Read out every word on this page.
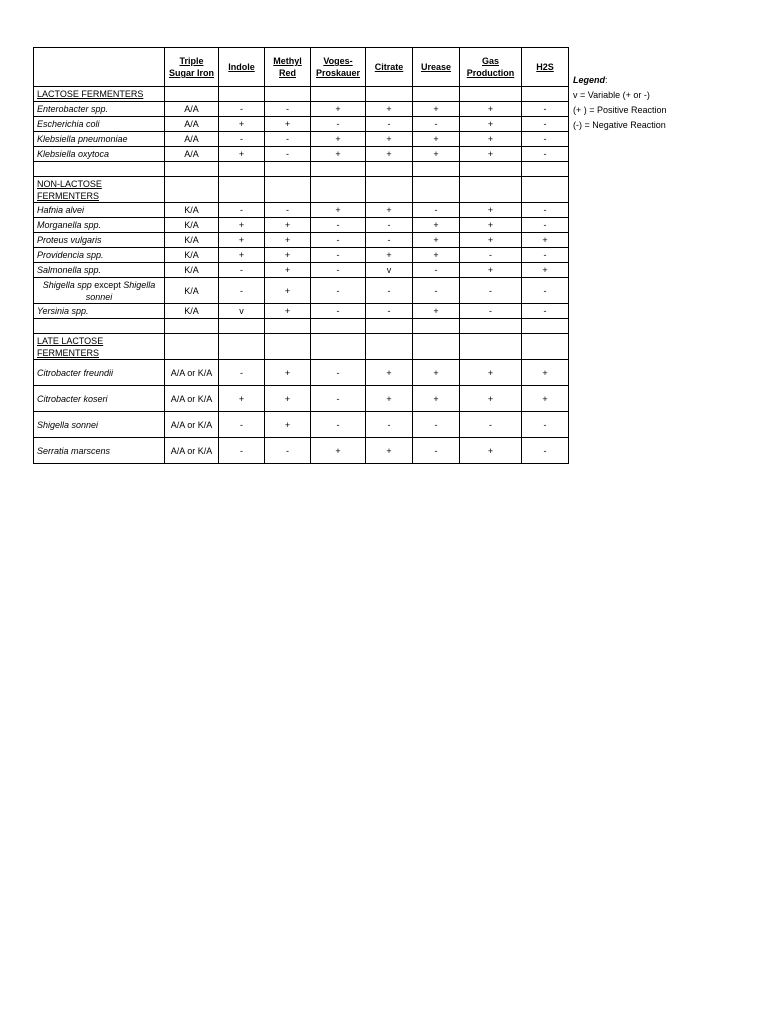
	Triple Sugar Iron	Indole	Methyl Red	Voges-Proskauer	Citrate	Urease	Gas Production	H2S
LACTOSE FERMENTERS								
Enterobacter spp.	A/A	-	-	+	+	+	+	-
Escherichia coli	A/A	+	+	-	-	-	+	-
Klebsiella pneumoniae	A/A	-	-	+	+	+	+	-
Klebsiella oxytoca	A/A	+	-	+	+	+	+	-

NON-LACTOSE FERMENTERS								
Hafnia alvei	K/A	-	-	+	+	-	+	-
Morganella spp.	K/A	+	+	-	-	+	+	-
Proteus vulgaris	K/A	+	+	-	-	+	+	+
Providencia spp.	K/A	+	+	-	+	+	-	-
Salmonella spp.	K/A	-	+	-	v	-	+	+
Shigella spp except Shigella sonnei	K/A	-	+	-	-	-	-	-
Yersinia spp.	K/A	v	+	-	-	+	-	-

LATE LACTOSE FERMENTERS								
Citrobacter freundii	A/A or K/A	-	+	-	+	+	+	+
Citrobacter koseri	A/A or K/A	+	+	-	+	+	+	+
Shigella sonnei	A/A or K/A	-	+	-	-	-	-	-
Serratia marscens	A/A or K/A	-	-	+	+	-	+	-
Legend:
v = Variable (+ or -)
(+ ) = Positive Reaction
(-) = Negative Reaction
